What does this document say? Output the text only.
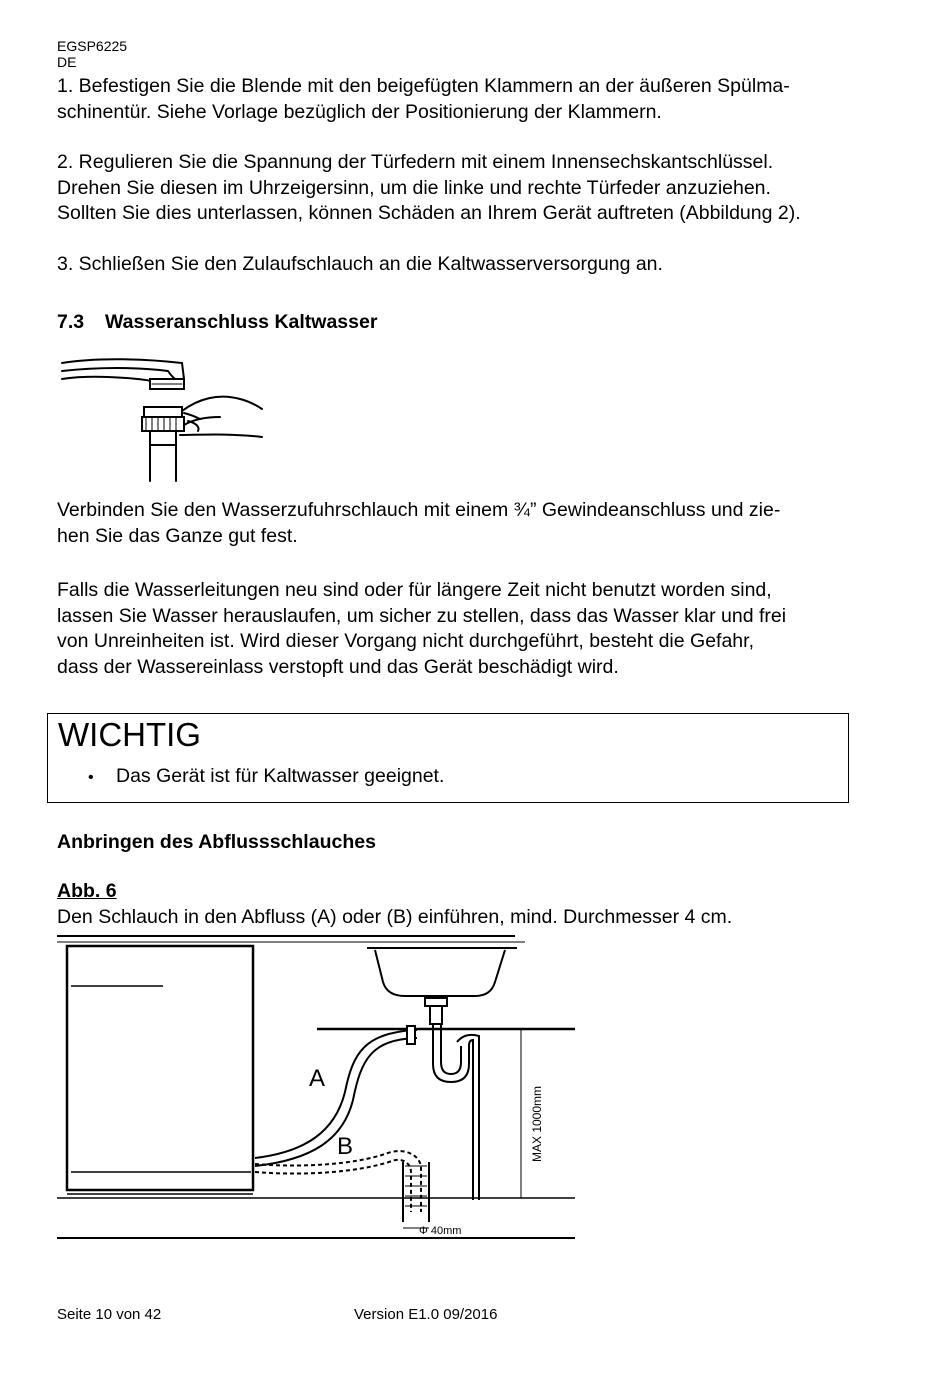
EGSP6225
DE
1. Befestigen Sie die Blende mit den beigefügten Klammern an der äußeren Spülma-
schinentür. Siehe Vorlage bezüglich der Positionierung der Klammern.
2. Regulieren Sie die Spannung der Türfedern mit einem Innensechskantschlüssel.
Drehen Sie diesen im Uhrzeigersinn, um die linke und rechte Türfeder anzuziehen.
Sollten Sie dies unterlassen, können Schäden an Ihrem Gerät auftreten (Abbildung 2).
3. Schließen Sie den Zulaufschlauch an die Kaltwasserversorgung an.
7.3 Wasseranschluss Kaltwasser
Verbinden Sie den Wasserzufuhrschlauch mit einem ¾” Gewindeanschluss und zie-
hen Sie das Ganze gut fest.
Falls die Wasserleitungen neu sind oder für längere Zeit nicht benutzt worden sind,
lassen Sie Wasser herauslaufen, um sicher zu stellen, dass das Wasser klar und frei
von Unreinheiten ist. Wird dieser Vorgang nicht durchgeführt, besteht die Gefahr,
dass der Wassereinlass verstopft und das Gerät beschädigt wird.
WICHTIG
• Das Gerät ist für Kaltwasser geeignet.
Anbringen des Abflussschlauches
Abb. 6
Den Schlauch in den Abfluss (A) oder (B) einführen, mind. Durchmesser 4 cm.
A
B	MAX 1000mm
Φ 40mm
Seite 10 von 42	Version E1.0 09/2016
